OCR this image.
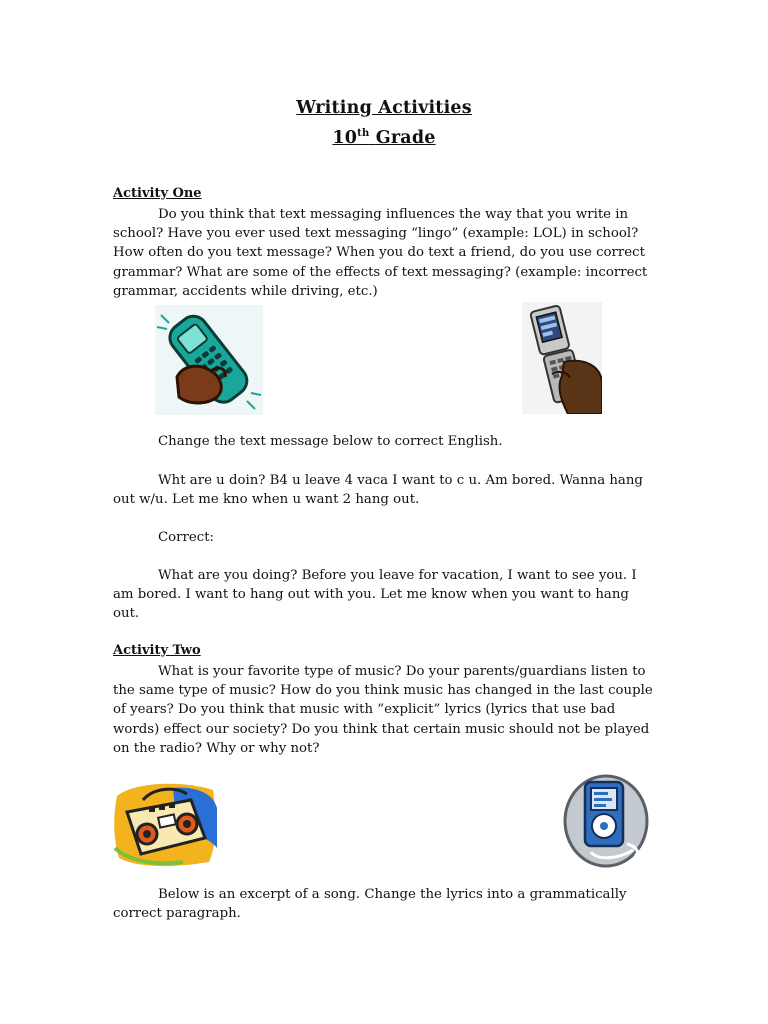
Writing Activities
10th Grade
Activity One
Do you think that text messaging influences the way that you write in school? Have you ever used text messaging “lingo” (example: LOL) in school? How often do you text message? When you do text a friend, do you use correct grammar? What are some of the effects of text messaging? (example: incorrect grammar, accidents while driving, etc.)
Change the text message below to correct English.
Wht are u doin? B4 u leave 4 vaca I want to c u. Am bored. Wanna hang out w/u. Let me kno when u want 2 hang out.
Correct:
What are you doing? Before you leave for vacation, I want to see you. I am bored. I want to hang out with you. Let me know when you want to hang out.
Activity Two
What is your favorite type of music? Do your parents/guardians listen to the same type of music? How do you think music has changed in the last couple of years? Do you think that music with “explicit” lyrics (lyrics that use bad words) effect our society? Do you think that certain music should not be played on the radio? Why or why not?
Below is an excerpt of a song. Change the lyrics into a grammatically correct paragraph.
